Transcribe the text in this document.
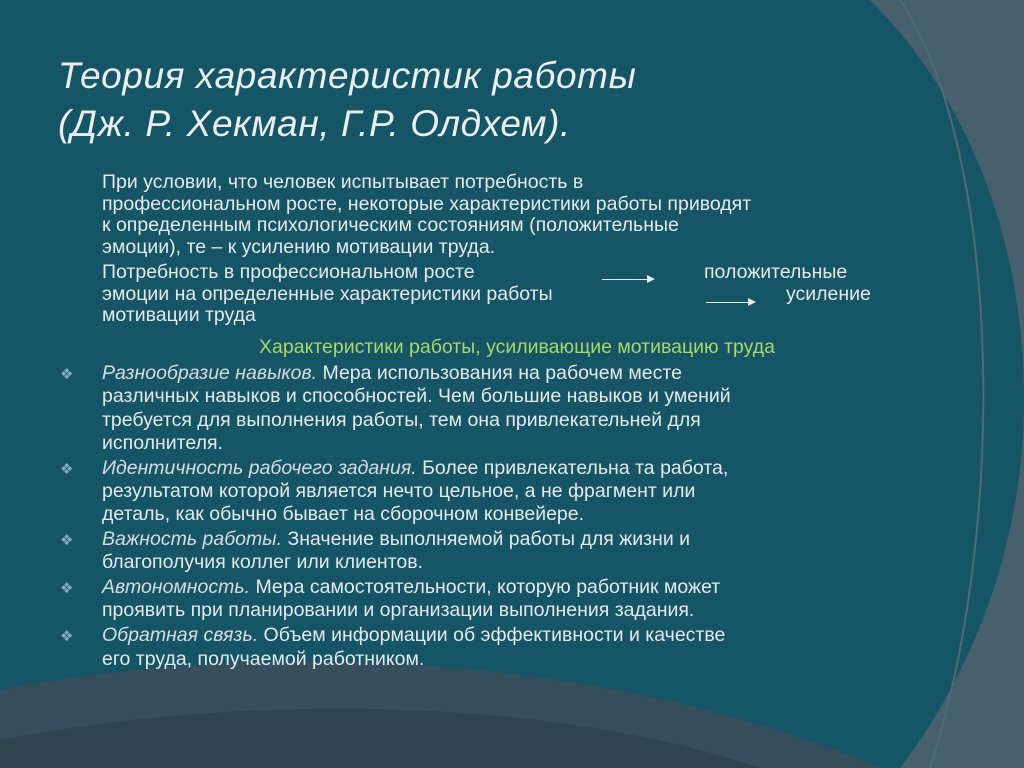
Теория характеристик работы
(Дж. Р. Хекман, Г.Р. Олдхем).

При условии, что человек испытывает потребность в
профессиональном росте, некоторые характеристики работы приводят
к определенным психологическим состояниям (положительные
эмоции), те – к усилению мотивации труда.

Потребность в профессиональном росте	положительные
эмоции на определенные характеристики работы	усиление
мотивации труда
Характеристики работы, усиливающие мотивацию труда
❖ Разнообразие навыков. Мера использования на рабочем месте
различных навыков и способностей. Чем большие навыков и умений
требуется для выполнения работы, тем она привлекательней для
исполнителя.
❖ Идентичность рабочего задания. Более привлекательна та работа,
результатом которой является нечто цельное, а не фрагмент или
деталь, как обычно бывает на сборочном конвейере.
❖ Важность работы. Значение выполняемой работы для жизни и
благополучия коллег или клиентов.
❖ Автономность. Мера самостоятельности, которую работник может
проявить при планировании и организации выполнения задания.
❖ Обратная связь. Объем информации об эффективности и качестве
его труда, получаемой работником.
